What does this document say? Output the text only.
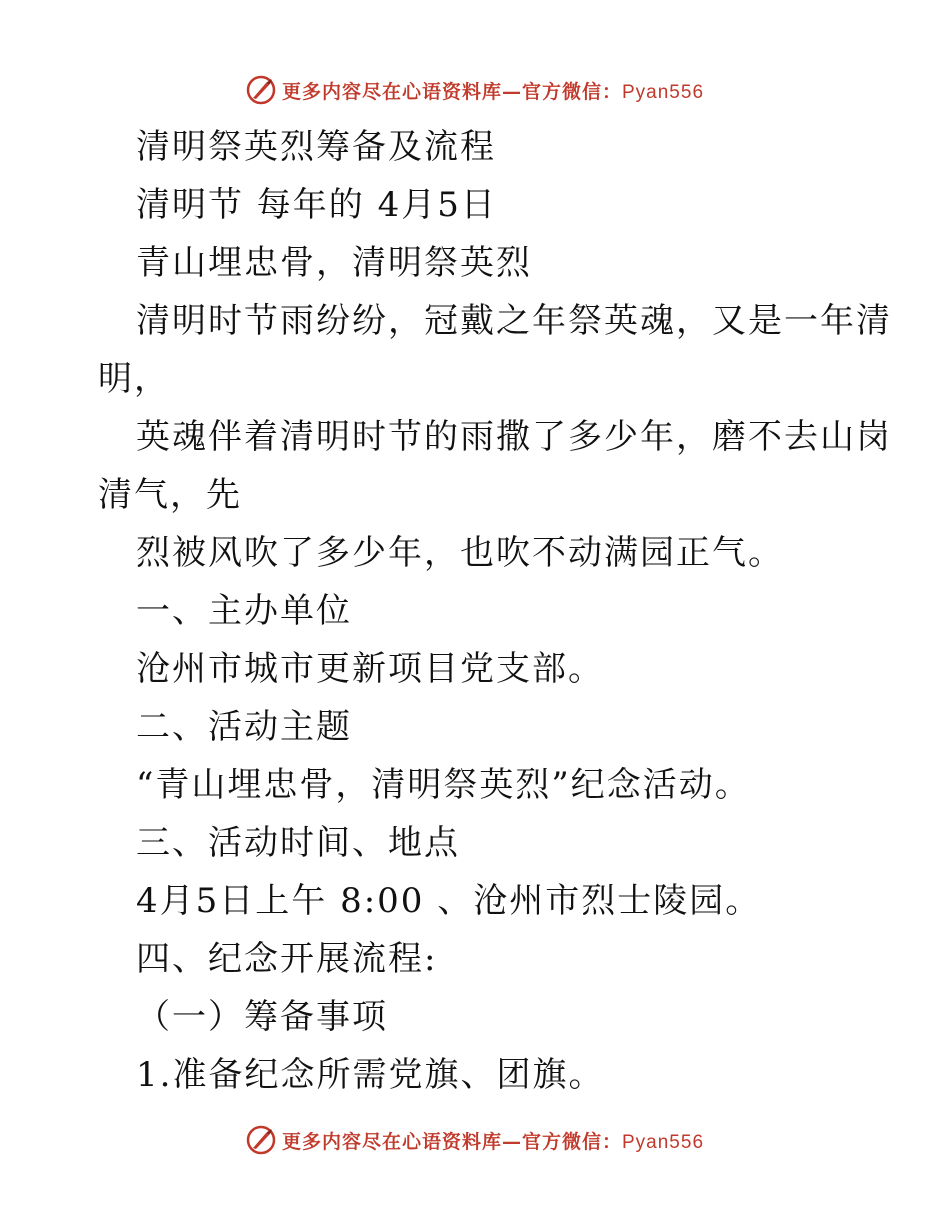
更多内容尽在心语资料库—官方微信：Pyan556
清明祭英烈筹备及流程
清明节 每年的 4月5日
青山埋忠骨，清明祭英烈
清明时节雨纷纷，冠戴之年祭英魂，又是一年清
明，
英魂伴着清明时节的雨撒了多少年，磨不去山岗
清气，先
烈被风吹了多少年，也吹不动满园正气。
一、主办单位
沧州市城市更新项目党支部。
二、活动主题
“青山埋忠骨，清明祭英烈”纪念活动。
三、活动时间、地点
4月5日上午 8:00 、沧州市烈士陵园。
四、纪念开展流程:
（一）筹备事项
1.准备纪念所需党旗、团旗。
更多内容尽在心语资料库—官方微信：Pyan556
